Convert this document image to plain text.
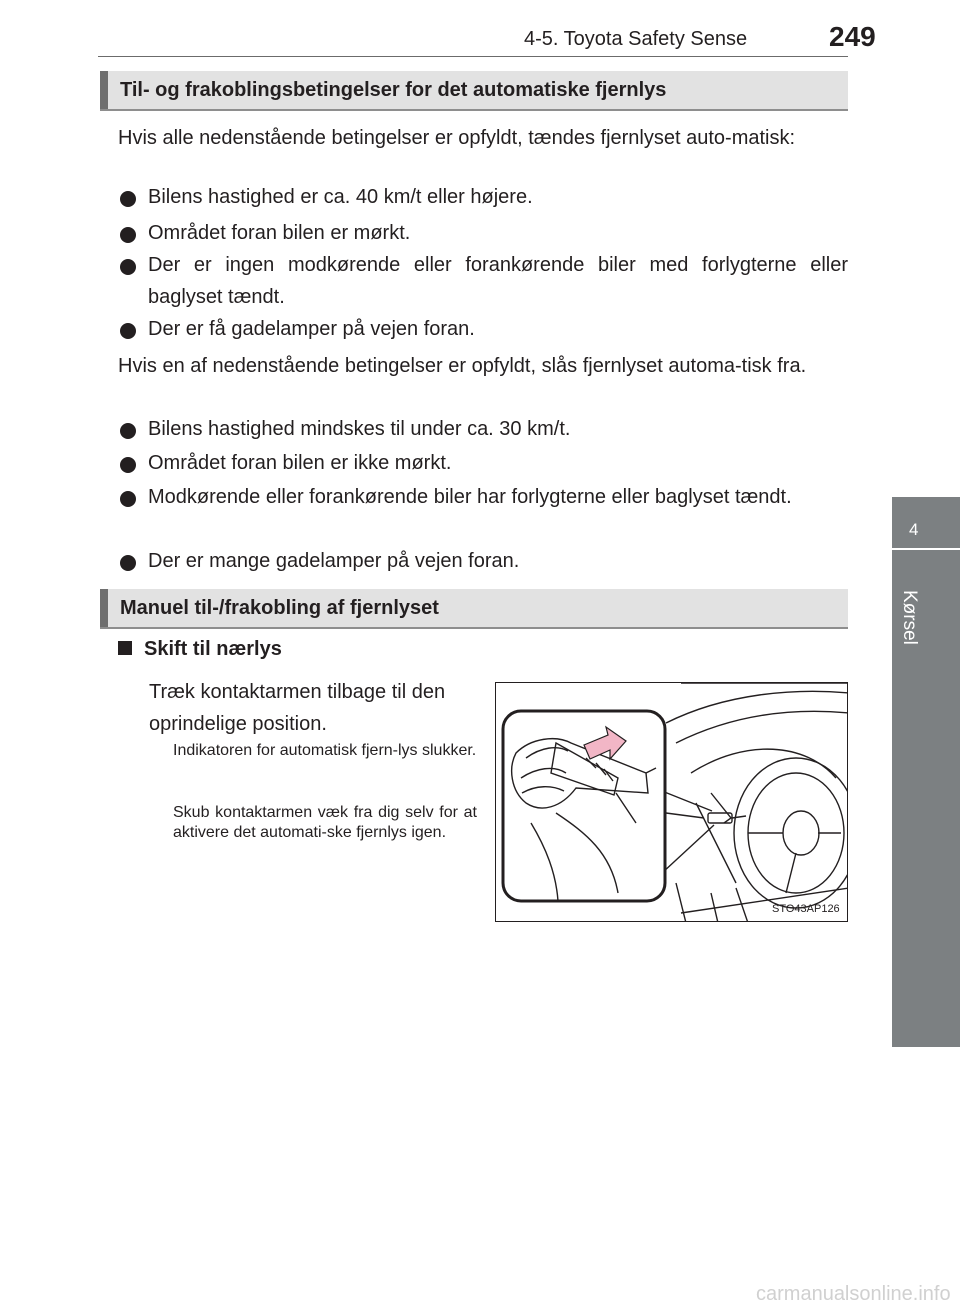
4-5. Toyota Safety Sense	249
4
Kørsel
Til- og frakoblingsbetingelser for det automatiske fjernlys
Hvis alle nedenstående betingelser er opfyldt, tændes fjernlyset auto-matisk:
Bilens hastighed er ca. 40 km/t eller højere.
Området foran bilen er mørkt.
Der er ingen modkørende eller forankørende biler med forlygterne eller baglyset tændt.
Der er få gadelamper på vejen foran.
Hvis en af nedenstående betingelser er opfyldt, slås fjernlyset automa-tisk fra.
Bilens hastighed mindskes til under ca. 30 km/t.
Området foran bilen er ikke mørkt.
Modkørende eller forankørende biler har forlygterne eller baglyset tændt.
Der er mange gadelamper på vejen foran.
Manuel til-/frakobling af fjernlyset
Skift til nærlys
Træk kontaktarmen tilbage til den oprindelige position.
Indikatoren for automatisk fjern-lys slukker.
Skub kontaktarmen væk fra dig selv for at aktivere det automati-ske fjernlys igen.
STO43AP126
carmanualsonline.info
